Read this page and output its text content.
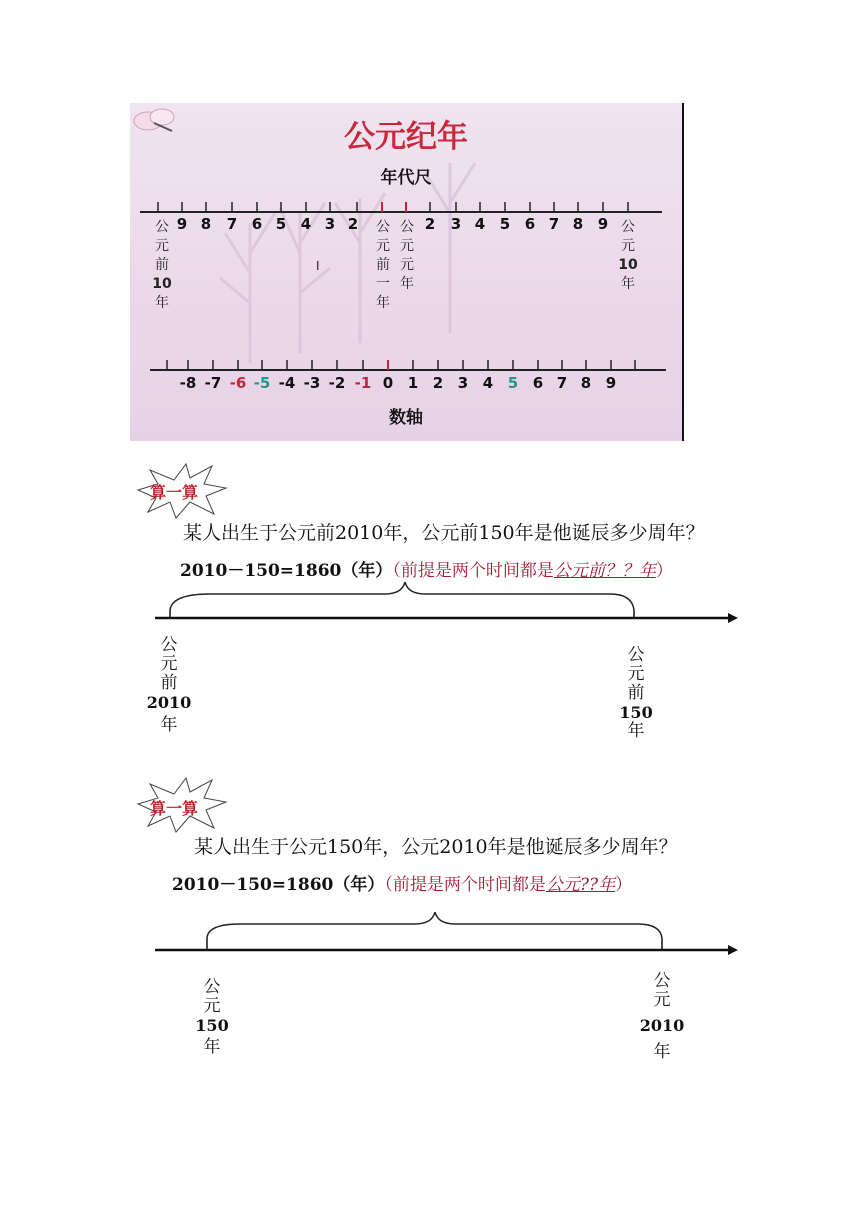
公元纪年
年代尺
9 8 7 6 5 4 3 2	2 3 4 5 6 7 8 9
公
元
前
10
年
公
元
前
一
年
公
元
元
年
公
元
10
年
I
-8 -7 -6 -5 -4 -3 -2 -1 0 1 2 3 4 5 6 7 8 9
数轴
算一算
某人出生于公元前2010年，公元前150年是他诞辰多少周年？
2010－150=1860（年）（前提是两个时间都是公元前？？年）
公
元
前
2010
年
公
元
前
150
年
算一算
某人出生于公元150年，公元2010年是他诞辰多少周年？
2010－150=1860（年）（前提是两个时间都是公元??年）
公
元
150
年
公
元
2010
年
